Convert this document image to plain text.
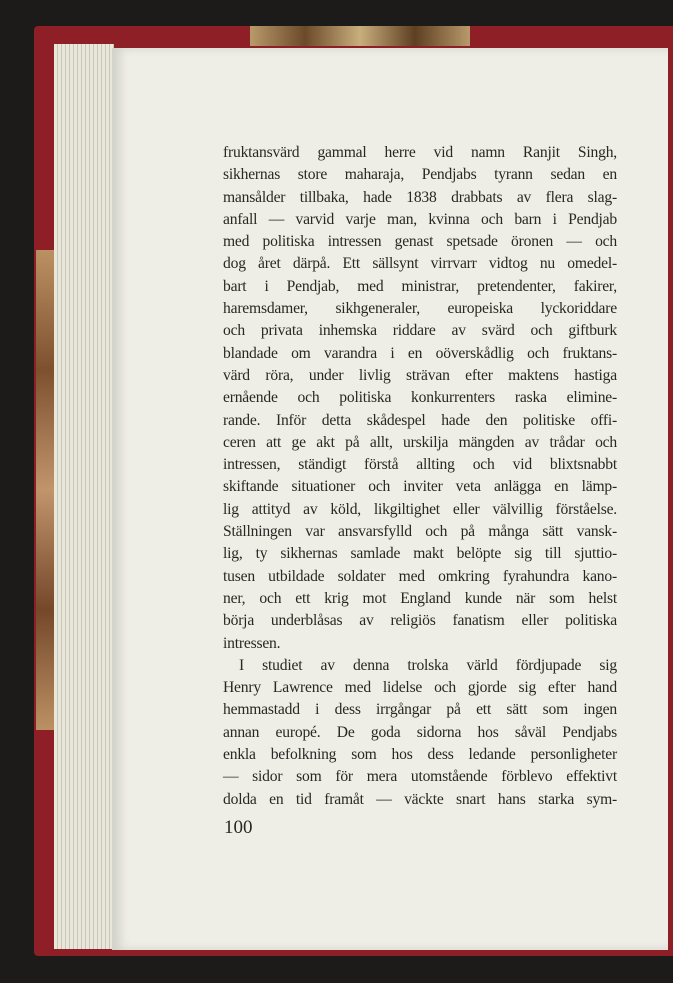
fruktansvärd gammal herre vid namn Ranjit Singh,
sikhernas store maharaja, Pendjabs tyrann sedan en
mansålder tillbaka, hade 1838 drabbats av flera slag-
anfall — varvid varje man, kvinna och barn i Pendjab
med politiska intressen genast spetsade öronen — och
dog året därpå. Ett sällsynt virrvarr vidtog nu omedel-
bart i Pendjab, med ministrar, pretendenter, fakirer,
haremsdamer, sikhgeneraler, europeiska lyckoriddare
och privata inhemska riddare av svärd och giftburk
blandade om varandra i en oöverskådlig och fruktans-
värd röra, under livlig strävan efter maktens hastiga
ernående och politiska konkurrenters raska elimine-
rande. Inför detta skådespel hade den politiske offi-
ceren att ge akt på allt, urskilja mängden av trådar och
intressen, ständigt förstå allting och vid blixtsnabbt
skiftande situationer och inviter veta anlägga en lämp-
lig attityd av köld, likgiltighet eller välvillig förståelse.
Ställningen var ansvarsfylld och på många sätt vansk-
lig, ty sikhernas samlade makt belöpte sig till sjuttio-
tusen utbildade soldater med omkring fyrahundra kano-
ner, och ett krig mot England kunde när som helst
börja underblåsas av religiös fanatism eller politiska
intressen.
I studiet av denna trolska värld fördjupade sig
Henry Lawrence med lidelse och gjorde sig efter hand
hemmastadd i dess irrgångar på ett sätt som ingen
annan europé. De goda sidorna hos såväl Pendjabs
enkla befolkning som hos dess ledande personligheter
— sidor som för mera utomstående förblevo effektivt
dolda en tid framåt — väckte snart hans starka sym-
100
